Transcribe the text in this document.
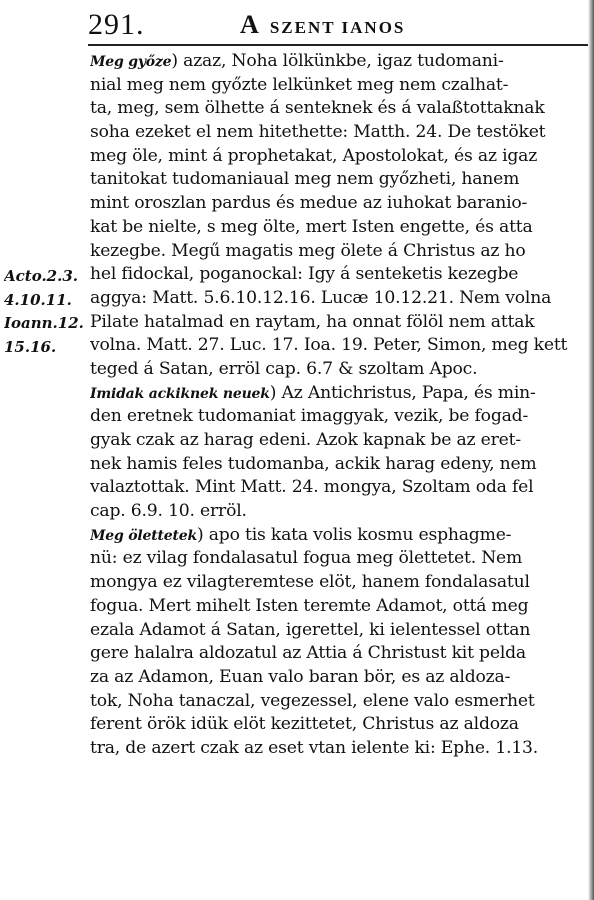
291.	A SZENT IANOS
Acto.2.3.
4.10.11.
Ioann.12.
15.16.
Meg győze) azaz, Noha lölkünkbe, igaz tudomani-
nial meg nem győzte lelkünket meg nem czalhat-
ta, meg, sem ölhette á senteknek és á valaßtottaknak
soha ezeket el nem hitethette: Matth. 24. De testöket
meg öle, mint á prophetakat, Apostolokat, és az igaz
tanitokat tudomaniaual meg nem győzheti, hanem
mint oroszlan pardus és medue az iuhokat baranio-
kat be nielte, s meg ölte, mert Isten engette, és atta
kezegbe. Megű magatis meg ölete á Christus az ho
hel fidockal, poganockal: Igy á senteketis kezegbe
aggya: Matt. 5.6.10.12.16. Lucæ 10.12.21. Nem volna
Pilate hatalmad en raytam, ha onnat fölöl nem attak
volna. Matt. 27. Luc. 17. Ioa. 19. Peter, Simon, meg kett
teged á Satan, erröl cap. 6.7 & szoltam Apoc.
Imidak ackiknek neuek) Az Antichristus, Papa, és min-
den eretnek tudomaniat imaggyak, vezik, be fogad-
gyak czak az harag edeni. Azok kapnak be az eret-
nek hamis feles tudomanba, ackik harag edeny, nem
valaztottak. Mint Matt. 24. mongya, Szoltam oda fel
cap. 6.9. 10. erröl.
Meg ölettetek) apo tis kata volis kosmu esphagme-
nü: ez vilag fondalasatul fogua meg ölettetet. Nem
mongya ez vilagteremtese elöt, hanem fondalasatul
fogua. Mert mihelt Isten teremte Adamot, ottá meg
ezala Adamot á Satan, igerettel, ki ielentessel ottan
gere halalra aldozatul az Attia á Christust kit pelda
za az Adamon, Euan valo baran bör, es az aldoza-
tok, Noha tanaczal, vegezessel, elene valo esmerhet
ferent örök idük elöt kezittetet, Christus az aldoza
tra, de azert czak az eset vtan ielente ki: Ephe. 1.13.
